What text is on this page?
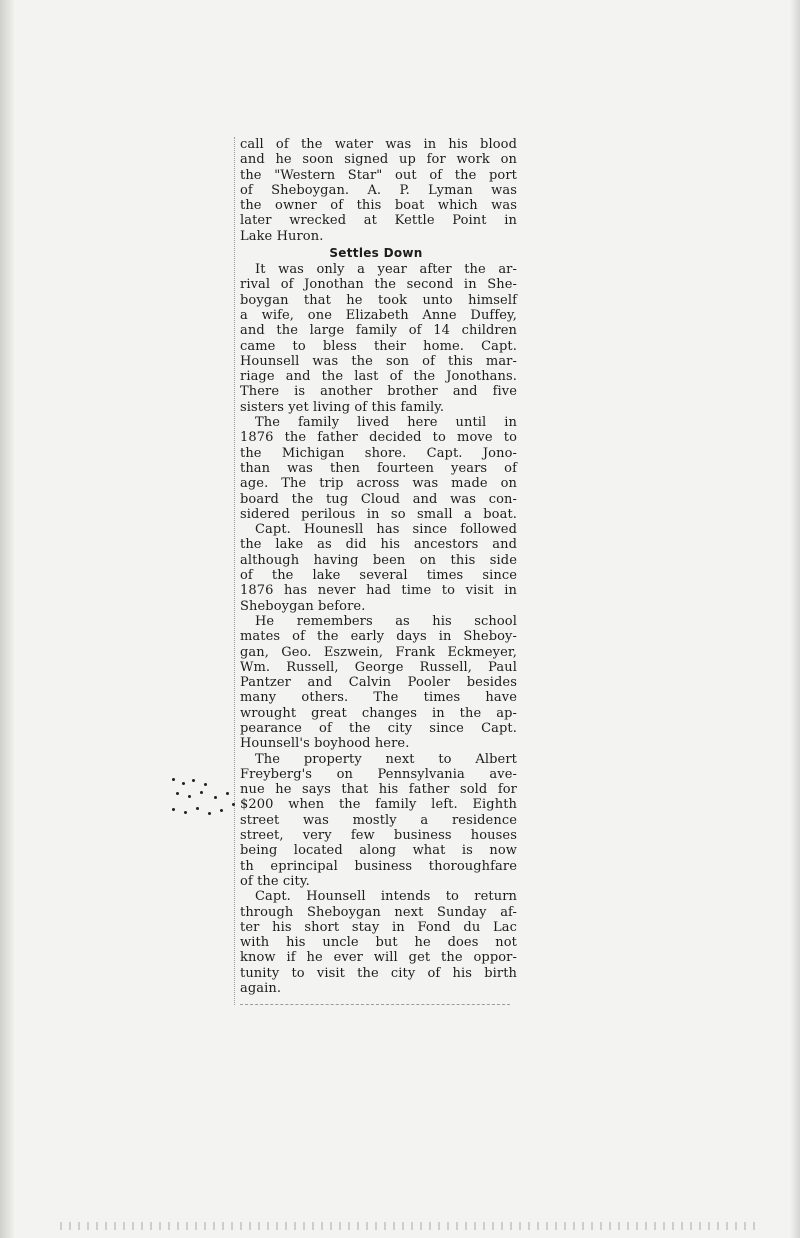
call of the water was in his blood
and he soon signed up for work on
the "Western Star" out of the port
of Sheboygan. A. P. Lyman was
the owner of this boat which was
later wrecked at Kettle Point in
Lake Huron.
Settles Down
It was only a year after the ar-
rival of Jonothan the second in She-
boygan that he took unto himself
a wife, one Elizabeth Anne Duffey,
and the large family of 14 children
came to bless their home. Capt.
Hounsell was the son of this mar-
riage and the last of the Jonothans.
There is another brother and five
sisters yet living of this family.
The family lived here until in
1876 the father decided to move to
the Michigan shore. Capt. Jono-
than was then fourteen years of
age. The trip across was made on
board the tug Cloud and was con-
sidered perilous in so small a boat.
Capt. Hounesll has since followed
the lake as did his ancestors and
although having been on this side
of the lake several times since
1876 has never had time to visit in
Sheboygan before.
He remembers as his school
mates of the early days in Sheboy-
gan, Geo. Eszwein, Frank Eckmeyer,
Wm. Russell, George Russell, Paul
Pantzer and Calvin Pooler besides
many others. The times have
wrought great changes in the ap-
pearance of the city since Capt.
Hounsell's boyhood here.
The property next to Albert
Freyberg's on Pennsylvania ave-
nue he says that his father sold for
$200 when the family left. Eighth
street was mostly a residence
street, very few business houses
being located along what is now
th eprincipal business thoroughfare
of the city.
Capt. Hounsell intends to return
through Sheboygan next Sunday af-
ter his short stay in Fond du Lac
with his uncle but he does not
know if he ever will get the oppor-
tunity to visit the city of his birth
again.
